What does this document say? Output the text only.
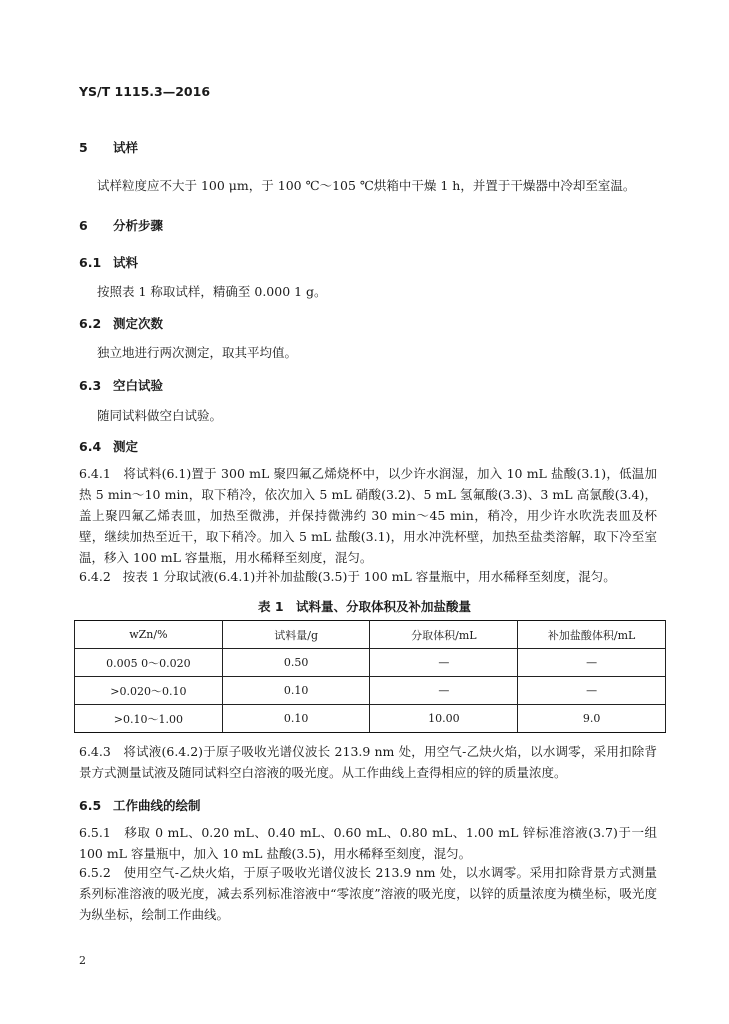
YS/T 1115.3—2016
5 试样
试样粒度应不大于 100 μm，于 100 ℃～105 ℃烘箱中干燥 1 h，并置于干燥器中冷却至室温。
6 分析步骤
6.1 试料
按照表 1 称取试样，精确至 0.000 1 g。
6.2 测定次数
独立地进行两次测定，取其平均值。
6.3 空白试验
随同试料做空白试验。
6.4 测定
6.4.1 将试料(6.1)置于 300 mL 聚四氟乙烯烧杯中，以少许水润湿，加入 10 mL 盐酸(3.1)，低温加热 5 min～10 min，取下稍冷，依次加入 5 mL 硝酸(3.2)、5 mL 氢氟酸(3.3)、3 mL 高氯酸(3.4)，盖上聚四氟乙烯表皿，加热至微沸，并保持微沸约 30 min～45 min，稍冷，用少许水吹洗表皿及杯壁，继续加热至近干，取下稍冷。加入 5 mL 盐酸(3.1)，用水冲洗杯壁，加热至盐类溶解，取下冷至室温，移入 100 mL 容量瓶，用水稀释至刻度，混匀。
6.4.2 按表 1 分取试液(6.4.1)并补加盐酸(3.5)于 100 mL 容量瓶中，用水稀释至刻度，混匀。
表 1　试料量、分取体积及补加盐酸量
wZn/%	试料量/g	分取体积/mL	补加盐酸体积/mL
0.005 0～0.020	0.50	—	—
>0.020～0.10	0.10	—	—
>0.10～1.00	0.10	10.00	9.0
6.4.3 将试液(6.4.2)于原子吸收光谱仪波长 213.9 nm 处，用空气-乙炔火焰，以水调零，采用扣除背景方式测量试液及随同试料空白溶液的吸光度。从工作曲线上查得相应的锌的质量浓度。
6.5 工作曲线的绘制
6.5.1 移取 0 mL、0.20 mL、0.40 mL、0.60 mL、0.80 mL、1.00 mL 锌标准溶液(3.7)于一组 100 mL 容量瓶中，加入 10 mL 盐酸(3.5)，用水稀释至刻度，混匀。
6.5.2 使用空气-乙炔火焰，于原子吸收光谱仪波长 213.9 nm 处，以水调零。采用扣除背景方式测量系列标准溶液的吸光度，减去系列标准溶液中“零浓度”溶液的吸光度，以锌的质量浓度为横坐标，吸光度为纵坐标，绘制工作曲线。
2
